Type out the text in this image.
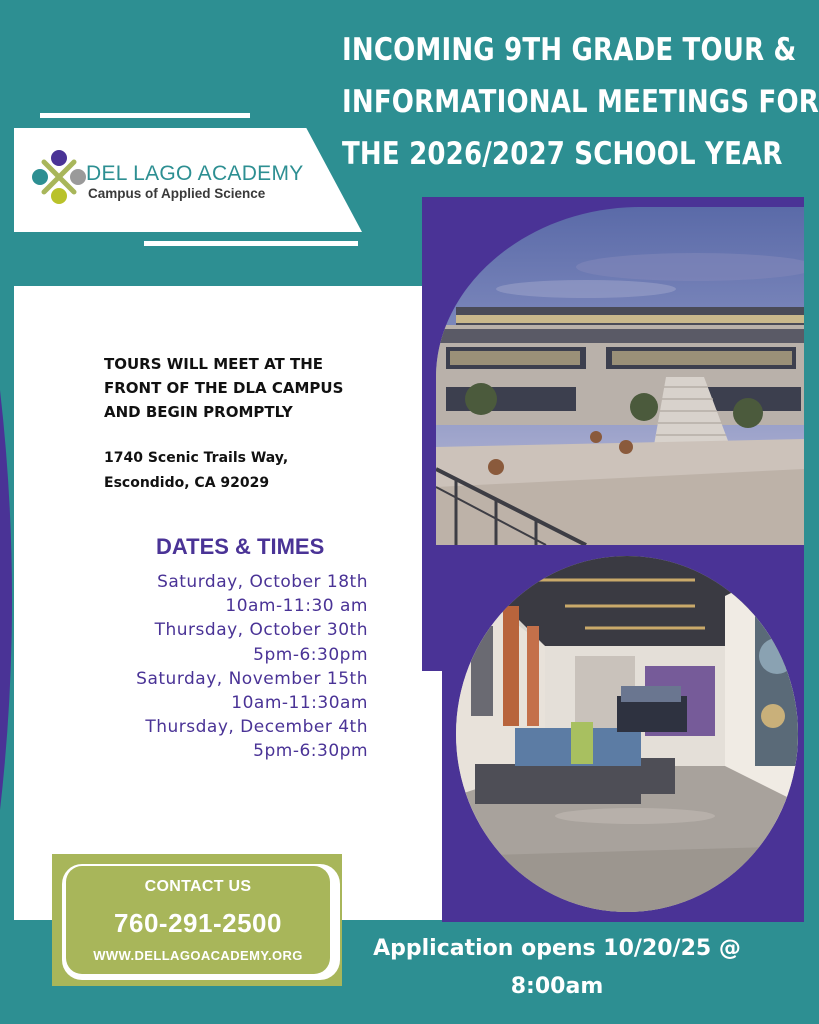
INCOMING 9TH GRADE TOUR &
INFORMATIONAL MEETINGS FOR
THE 2026/2027 SCHOOL YEAR
DEL LAGO ACADEMY
Campus of Applied Science

TOURS WILL MEET AT THE
FRONT OF THE DLA CAMPUS
AND BEGIN PROMPTLY

1740 Scenic Trails Way,
Escondido, CA 92029

DATES & TIMES
Saturday, October 18th
10am-11:30 am
Thursday, October 30th
5pm-6:30pm
Saturday, November 15th
10am-11:30am
Thursday, December 4th
5pm-6:30pm
CONTACT US
760-291-2500
WWW.DELLAGOACADEMY.ORG	Application opens 10/20/25 @
8:00am
